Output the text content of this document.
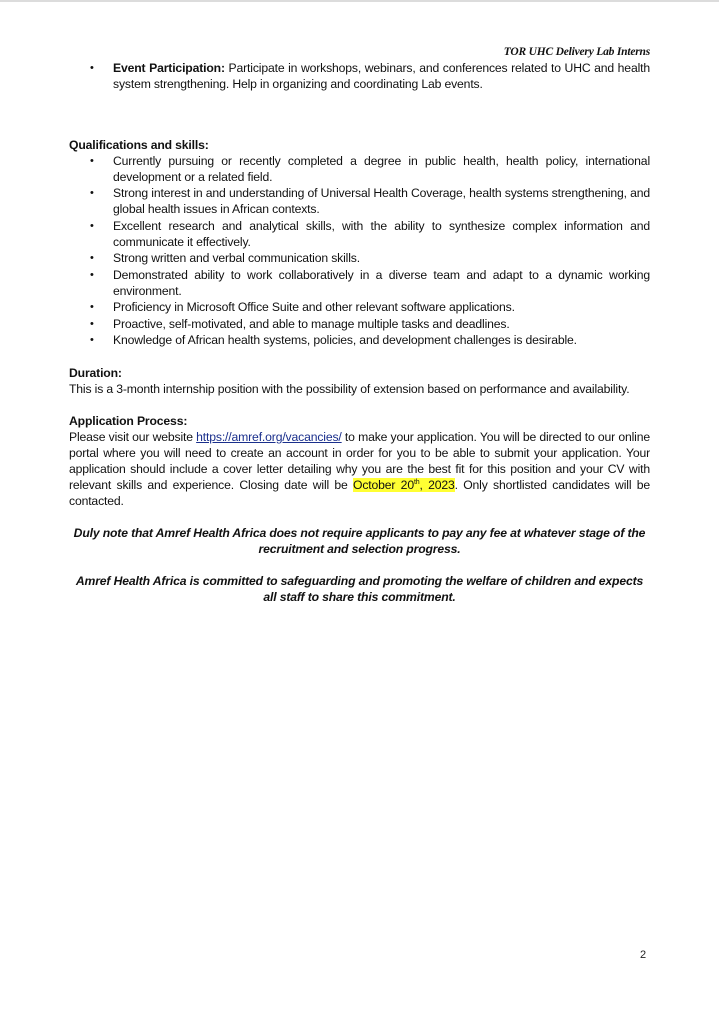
TOR UHC Delivery Lab Interns
• Event Participation: Participate in workshops, webinars, and conferences related to UHC and health system strengthening. Help in organizing and coordinating Lab events.

Qualifications and skills:

• Currently pursuing or recently completed a degree in public health, health policy, international development or a related field.
• Strong interest in and understanding of Universal Health Coverage, health systems strengthening, and global health issues in African contexts.
• Excellent research and analytical skills, with the ability to synthesize complex information and communicate it effectively.
• Strong written and verbal communication skills.
• Demonstrated ability to work collaboratively in a diverse team and adapt to a dynamic working environment.
• Proficiency in Microsoft Office Suite and other relevant software applications.
• Proactive, self-motivated, and able to manage multiple tasks and deadlines.
• Knowledge of African health systems, policies, and development challenges is desirable.

Duration:

This is a 3-month internship position with the possibility of extension based on performance and availability.

Application Process:

Please visit our website https://amref.org/vacancies/ to make your application. You will be directed to our online portal where you will need to create an account in order for you to be able to submit your application. Your application should include a cover letter detailing why you are the best fit for this position and your CV with relevant skills and experience. Closing date will be October 20th, 2023. Only shortlisted candidates will be contacted.

Duly note that Amref Health Africa does not require applicants to pay any fee at whatever stage of the recruitment and selection progress.

Amref Health Africa is committed to safeguarding and promoting the welfare of children and expects all staff to share this commitment.

2
